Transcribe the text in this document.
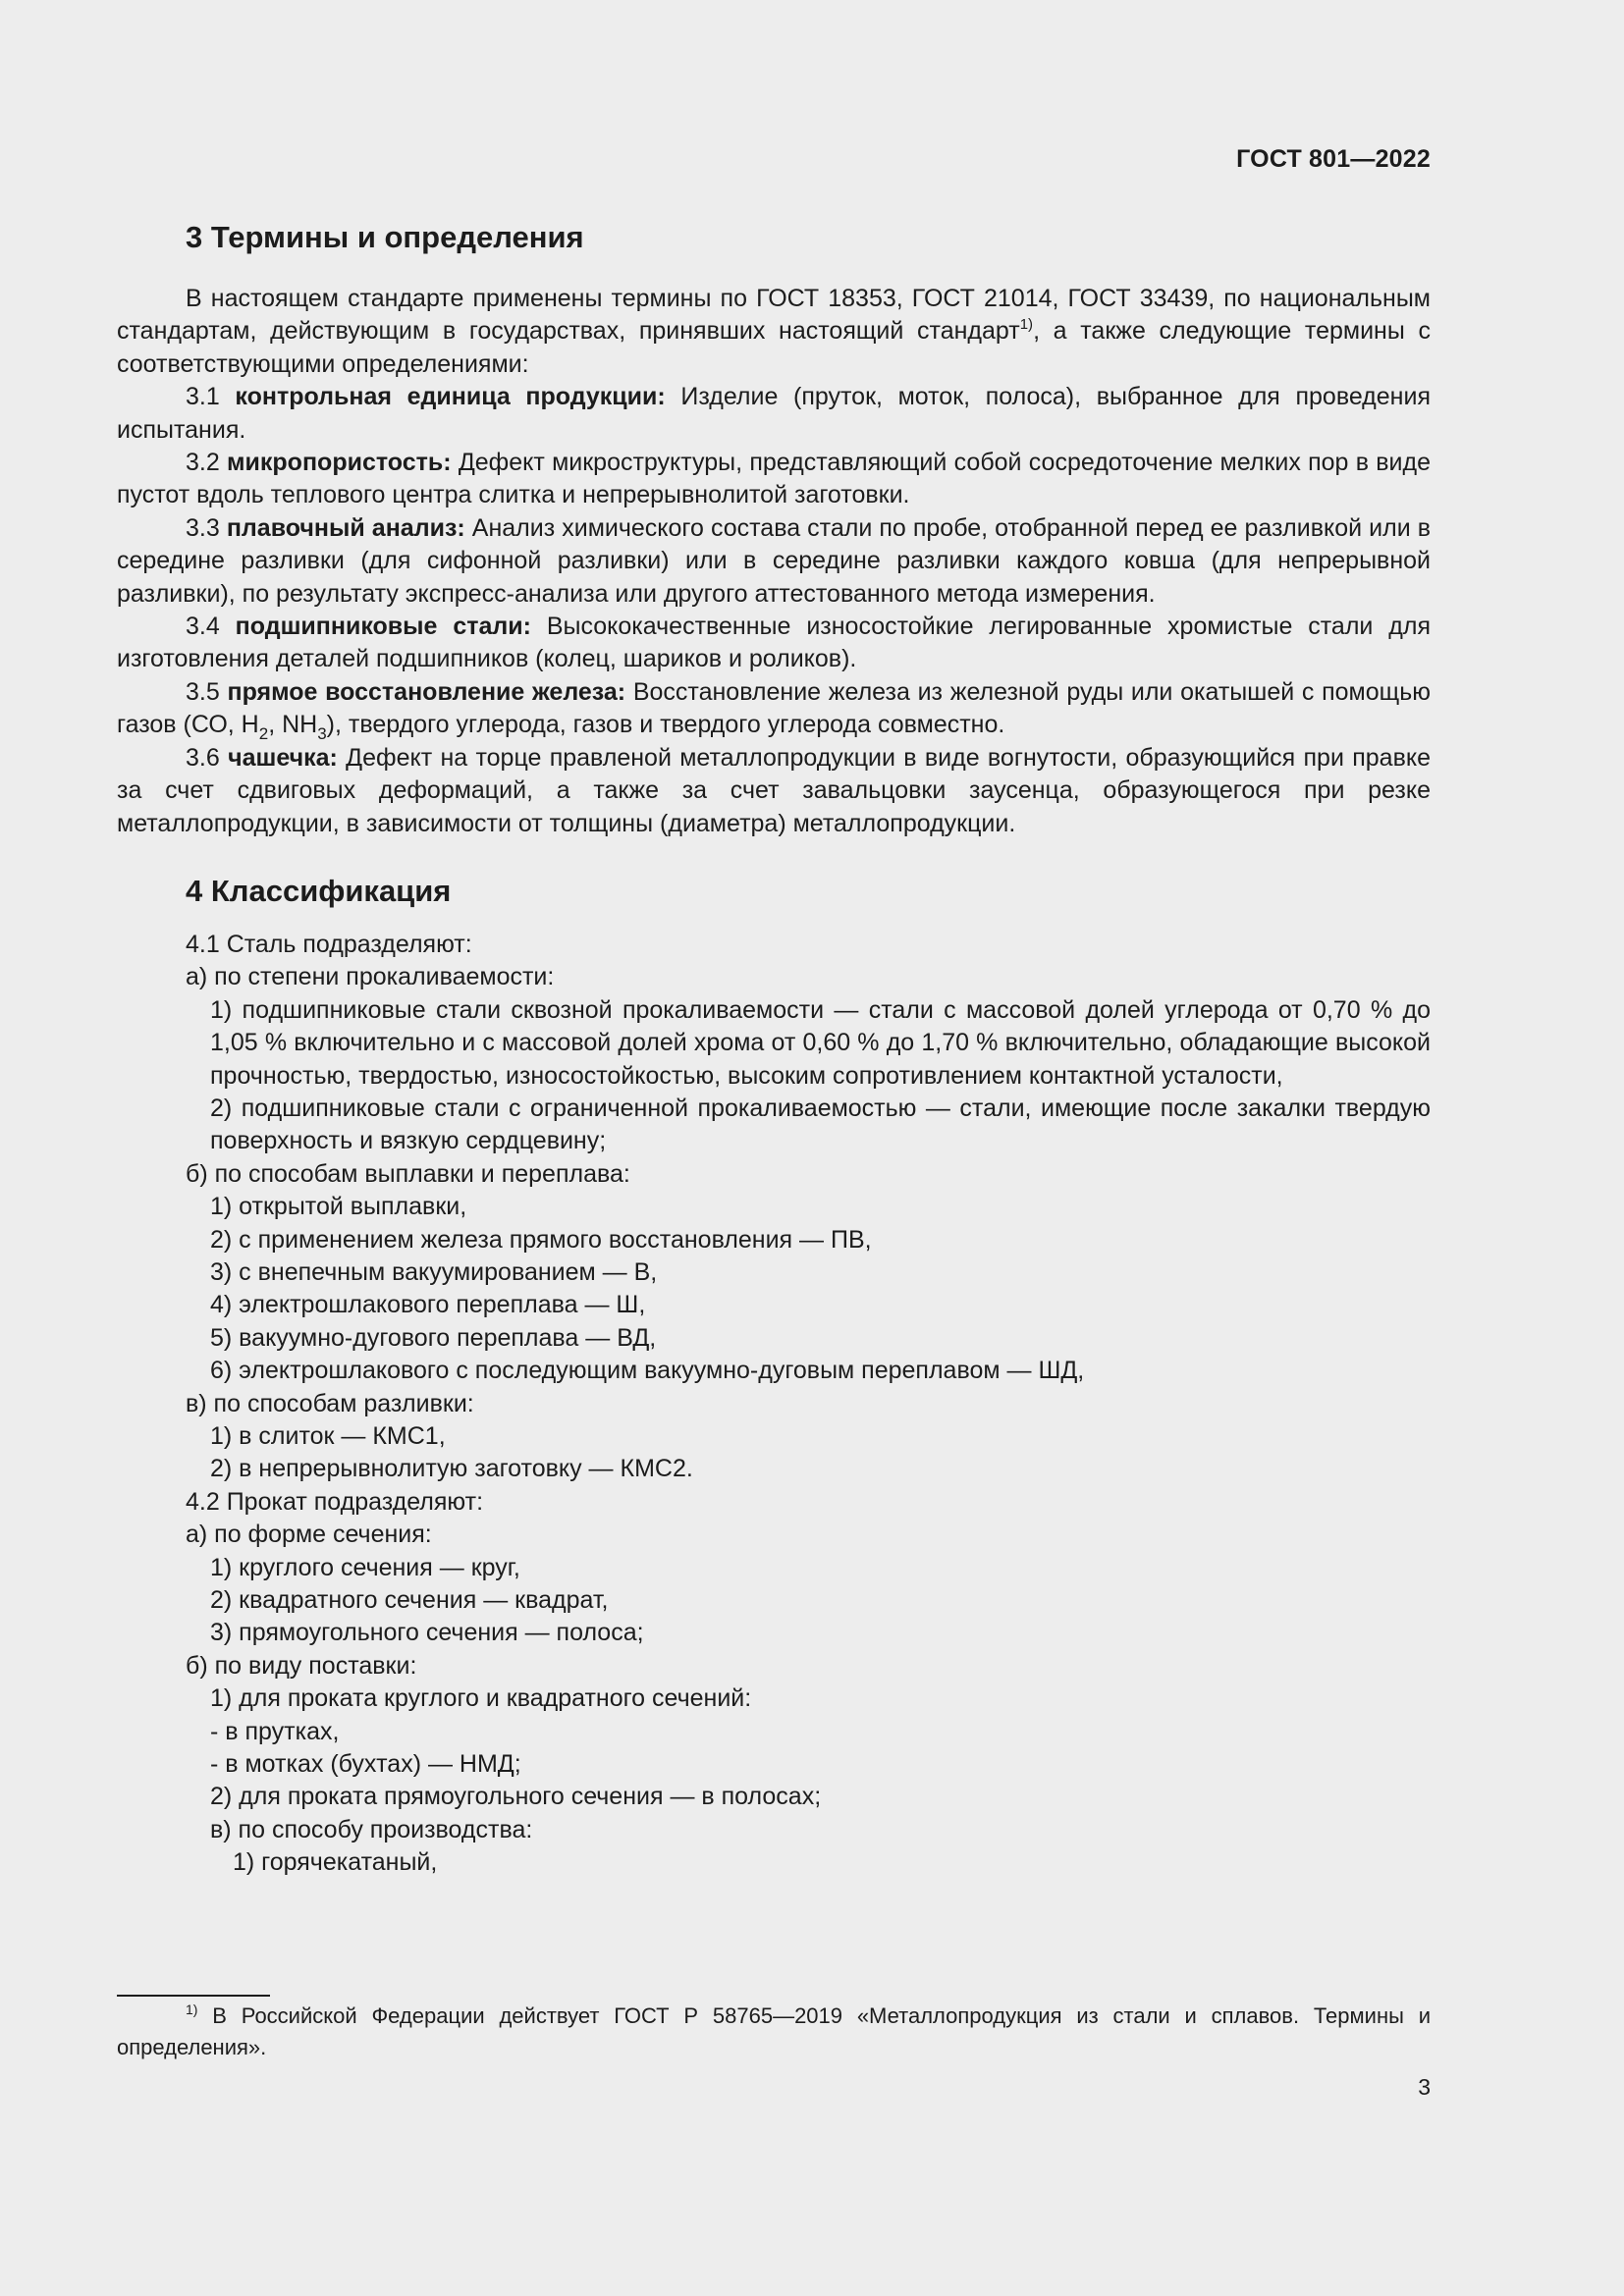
ГОСТ 801—2022
3 Термины и определения

В настоящем стандарте применены термины по ГОСТ 18353, ГОСТ 21014, ГОСТ 33439, по национальным стандартам, действующим в государствах, принявших настоящий стандарт$^{1)}$, а также следующие термины с соответствующими определениями:

3.1 контрольная единица продукции: Изделие (пруток, моток, полоса), выбранное для проведения испытания.

3.2 микропористость: Дефект микроструктуры, представляющий собой сосредоточение мелких пор в виде пустот вдоль теплового центра слитка и непрерывнолитой заготовки.

3.3 плавочный анализ: Анализ химического состава стали по пробе, отобранной перед ее разливкой или в середине разливки (для сифонной разливки) или в середине разливки каждого ковша (для непрерывной разливки), по результату экспресс-анализа или другого аттестованного метода измерения.

3.4 подшипниковые стали: Высококачественные износостойкие легированные хромистые стали для изготовления деталей подшипников (колец, шариков и роликов).

3.5 прямое восстановление железа: Восстановление железа из железной руды или окатышей с помощью газов (СО, $Н_2$, $NH_3$), твердого углерода, газов и твердого углерода совместно.

3.6 чашечка: Дефект на торце правленой металлопродукции в виде вогнутости, образующийся при правке за счет сдвиговых деформаций, а также за счет завальцовки заусенца, образующегося при резке металлопродукции, в зависимости от толщины (диаметра) металлопродукции.

4 Классификация
4.1 Сталь подразделяют:
а) по степени прокаливаемости:
1) подшипниковые стали сквозной прокаливаемости — стали с массовой долей углерода от 0,70 % до 1,05 % включительно и с массовой долей хрома от 0,60 % до 1,70 % включительно, обладающие высокой прочностью, твердостью, износостойкостью, высоким сопротивлением контактной усталости,
2) подшипниковые стали с ограниченной прокаливаемостью — стали, имеющие после закалки твердую поверхность и вязкую сердцевину;
б) по способам выплавки и переплава:
1) открытой выплавки,
2) с применением железа прямого восстановления — ПВ,
3) с внепечным вакуумированием — В,
4) электрошлакового переплава — Ш,
5) вакуумно-дугового переплава — ВД,
6) электрошлакового с последующим вакуумно-дуговым переплавом — ШД,
в) по способам разливки:
1) в слиток — КМС1,
2) в непрерывнолитую заготовку — КМС2.
4.2 Прокат подразделяют:
а) по форме сечения:
1) круглого сечения — круг,
2) квадратного сечения — квадрат,
3) прямоугольного сечения — полоса;
б) по виду поставки:
1) для проката круглого и квадратного сечений:
- в прутках,
- в мотках (бухтах) — НМД;
2) для проката прямоугольного сечения — в полосах;
в) по способу производства:
1) горячекатаный,
$^{1)}$ В Российской Федерации действует ГОСТ Р 58765—2019 «Металлопродукция из стали и сплавов. Термины и определения».
3
